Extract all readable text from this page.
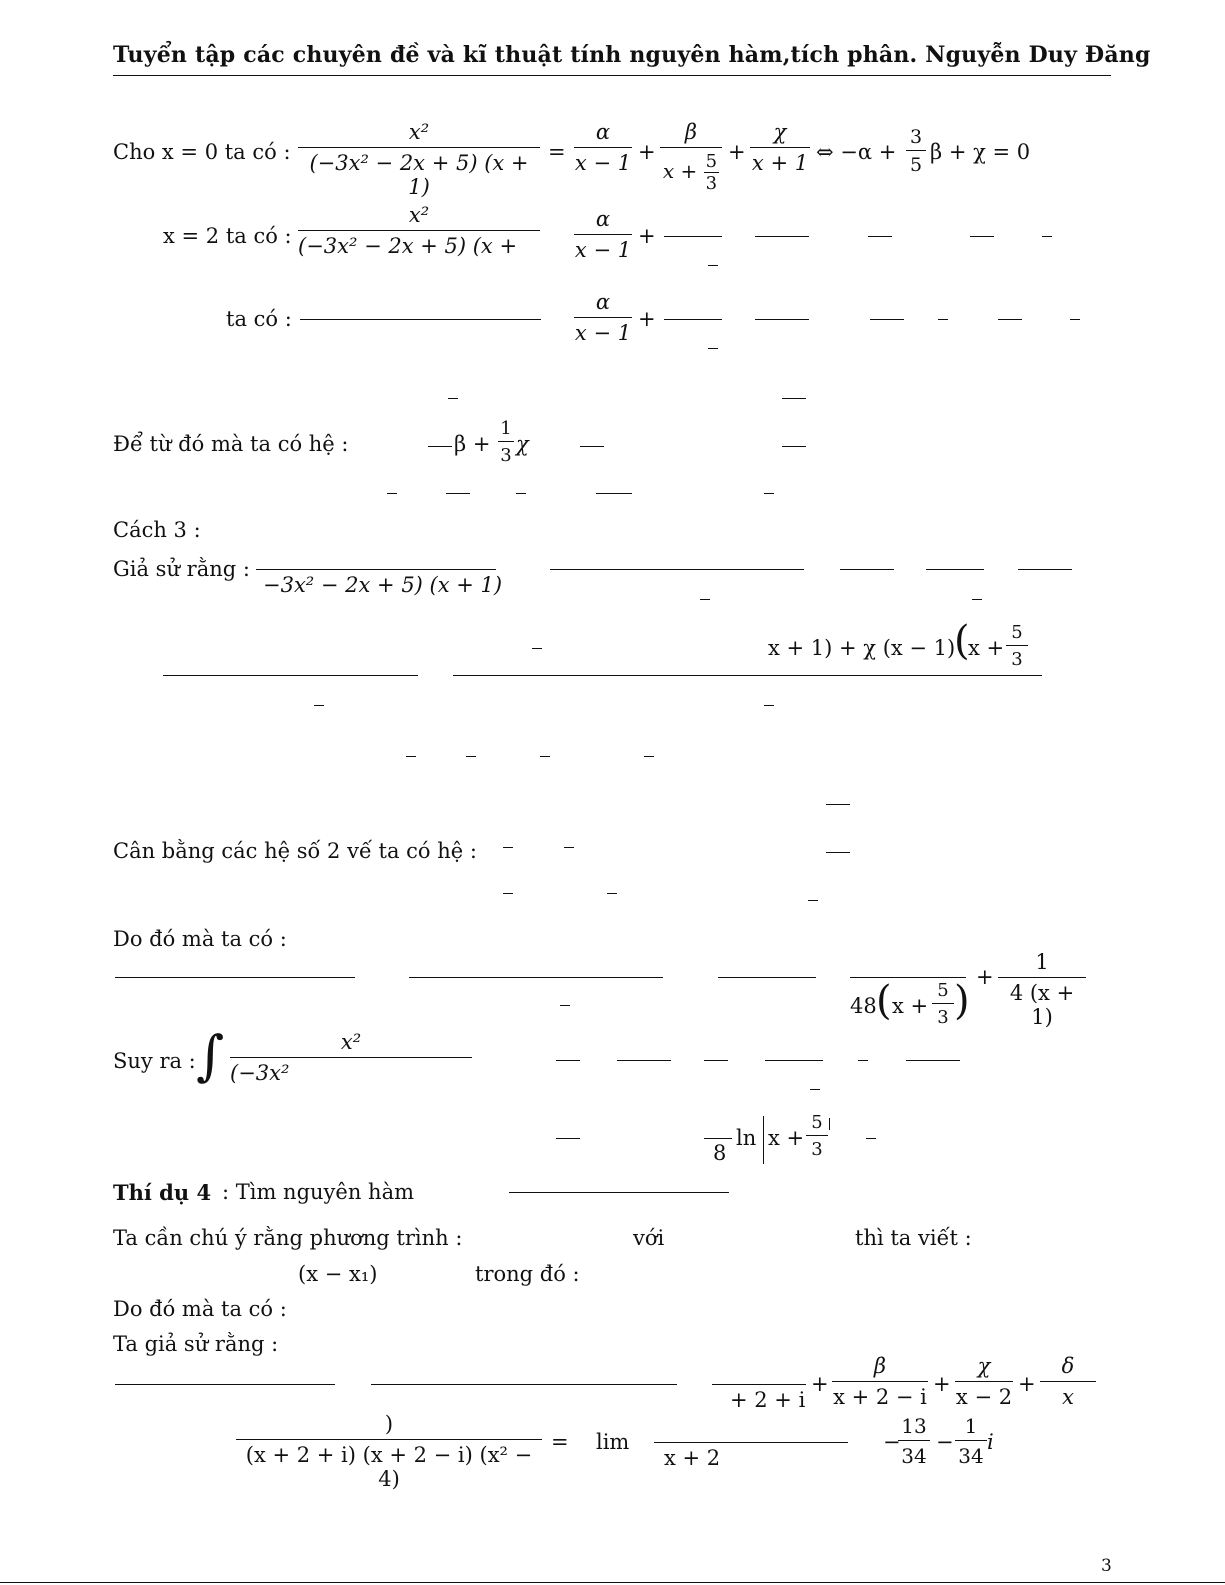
Tuyển tập các chuyên đề và kĩ thuật tính nguyên hàm,tích phân. Nguyễn Duy Đăng
Cho x = 0 ta có : $\frac{\text{x²}}{\text{(−3x² − 2x + 5) (x + 1)}} = \frac{\alpha}{x - 1} + \frac{\beta}{x + \frac{5}{3}} + \frac{\chi}{x + 1}$ ⇔ $-\alpha + \frac{3}{5}$ β + χ = 0
x = 2 ta có : $\frac{\text{x²}}{\text{(−3x² − 2x + 5) (x +}} \frac{\alpha}{x - 1}$ +
ta có :	$\frac{\alpha}{x - 1}$ +
Để từ đó mà ta có hệ :	$\beta + \frac{1}{3}$ χ
Cách 3 :
Giả sử rằng :
−3x² − 2x + 5) (x + 1)
x + 1) + χ (x − 1)
(
$x + \frac{5}{3}$
Cân bằng các hệ số 2 vế ta có hệ :
Do đó mà ta có :
48 ( $x + \frac{5}{3}$ )
+ $\frac{1}{4 (x + 1)}$
Suy ra : ∫ $\frac{\text{x²}}{\text{(−3x²}}$
8
$\ln x + \frac{5}{3}$
Thí dụ 4 : Tìm nguyên hàm
Ta cần chú ý rằng phương trình :	với	thì ta viết :
(x − x₁)	trong đó :
Do đó mà ta có :
Ta giả sử rằng :
+ 2 + i
+ $\frac{\beta}{x + 2 - i} + \frac{\chi}{x - 2} + \frac{\delta}{x}$
)
(x + 2 + i) (x + 2 − i) (x² − 4)
= lim
x + 2
−
$\frac{13}{34} - \frac{1}{34}$ i
3
